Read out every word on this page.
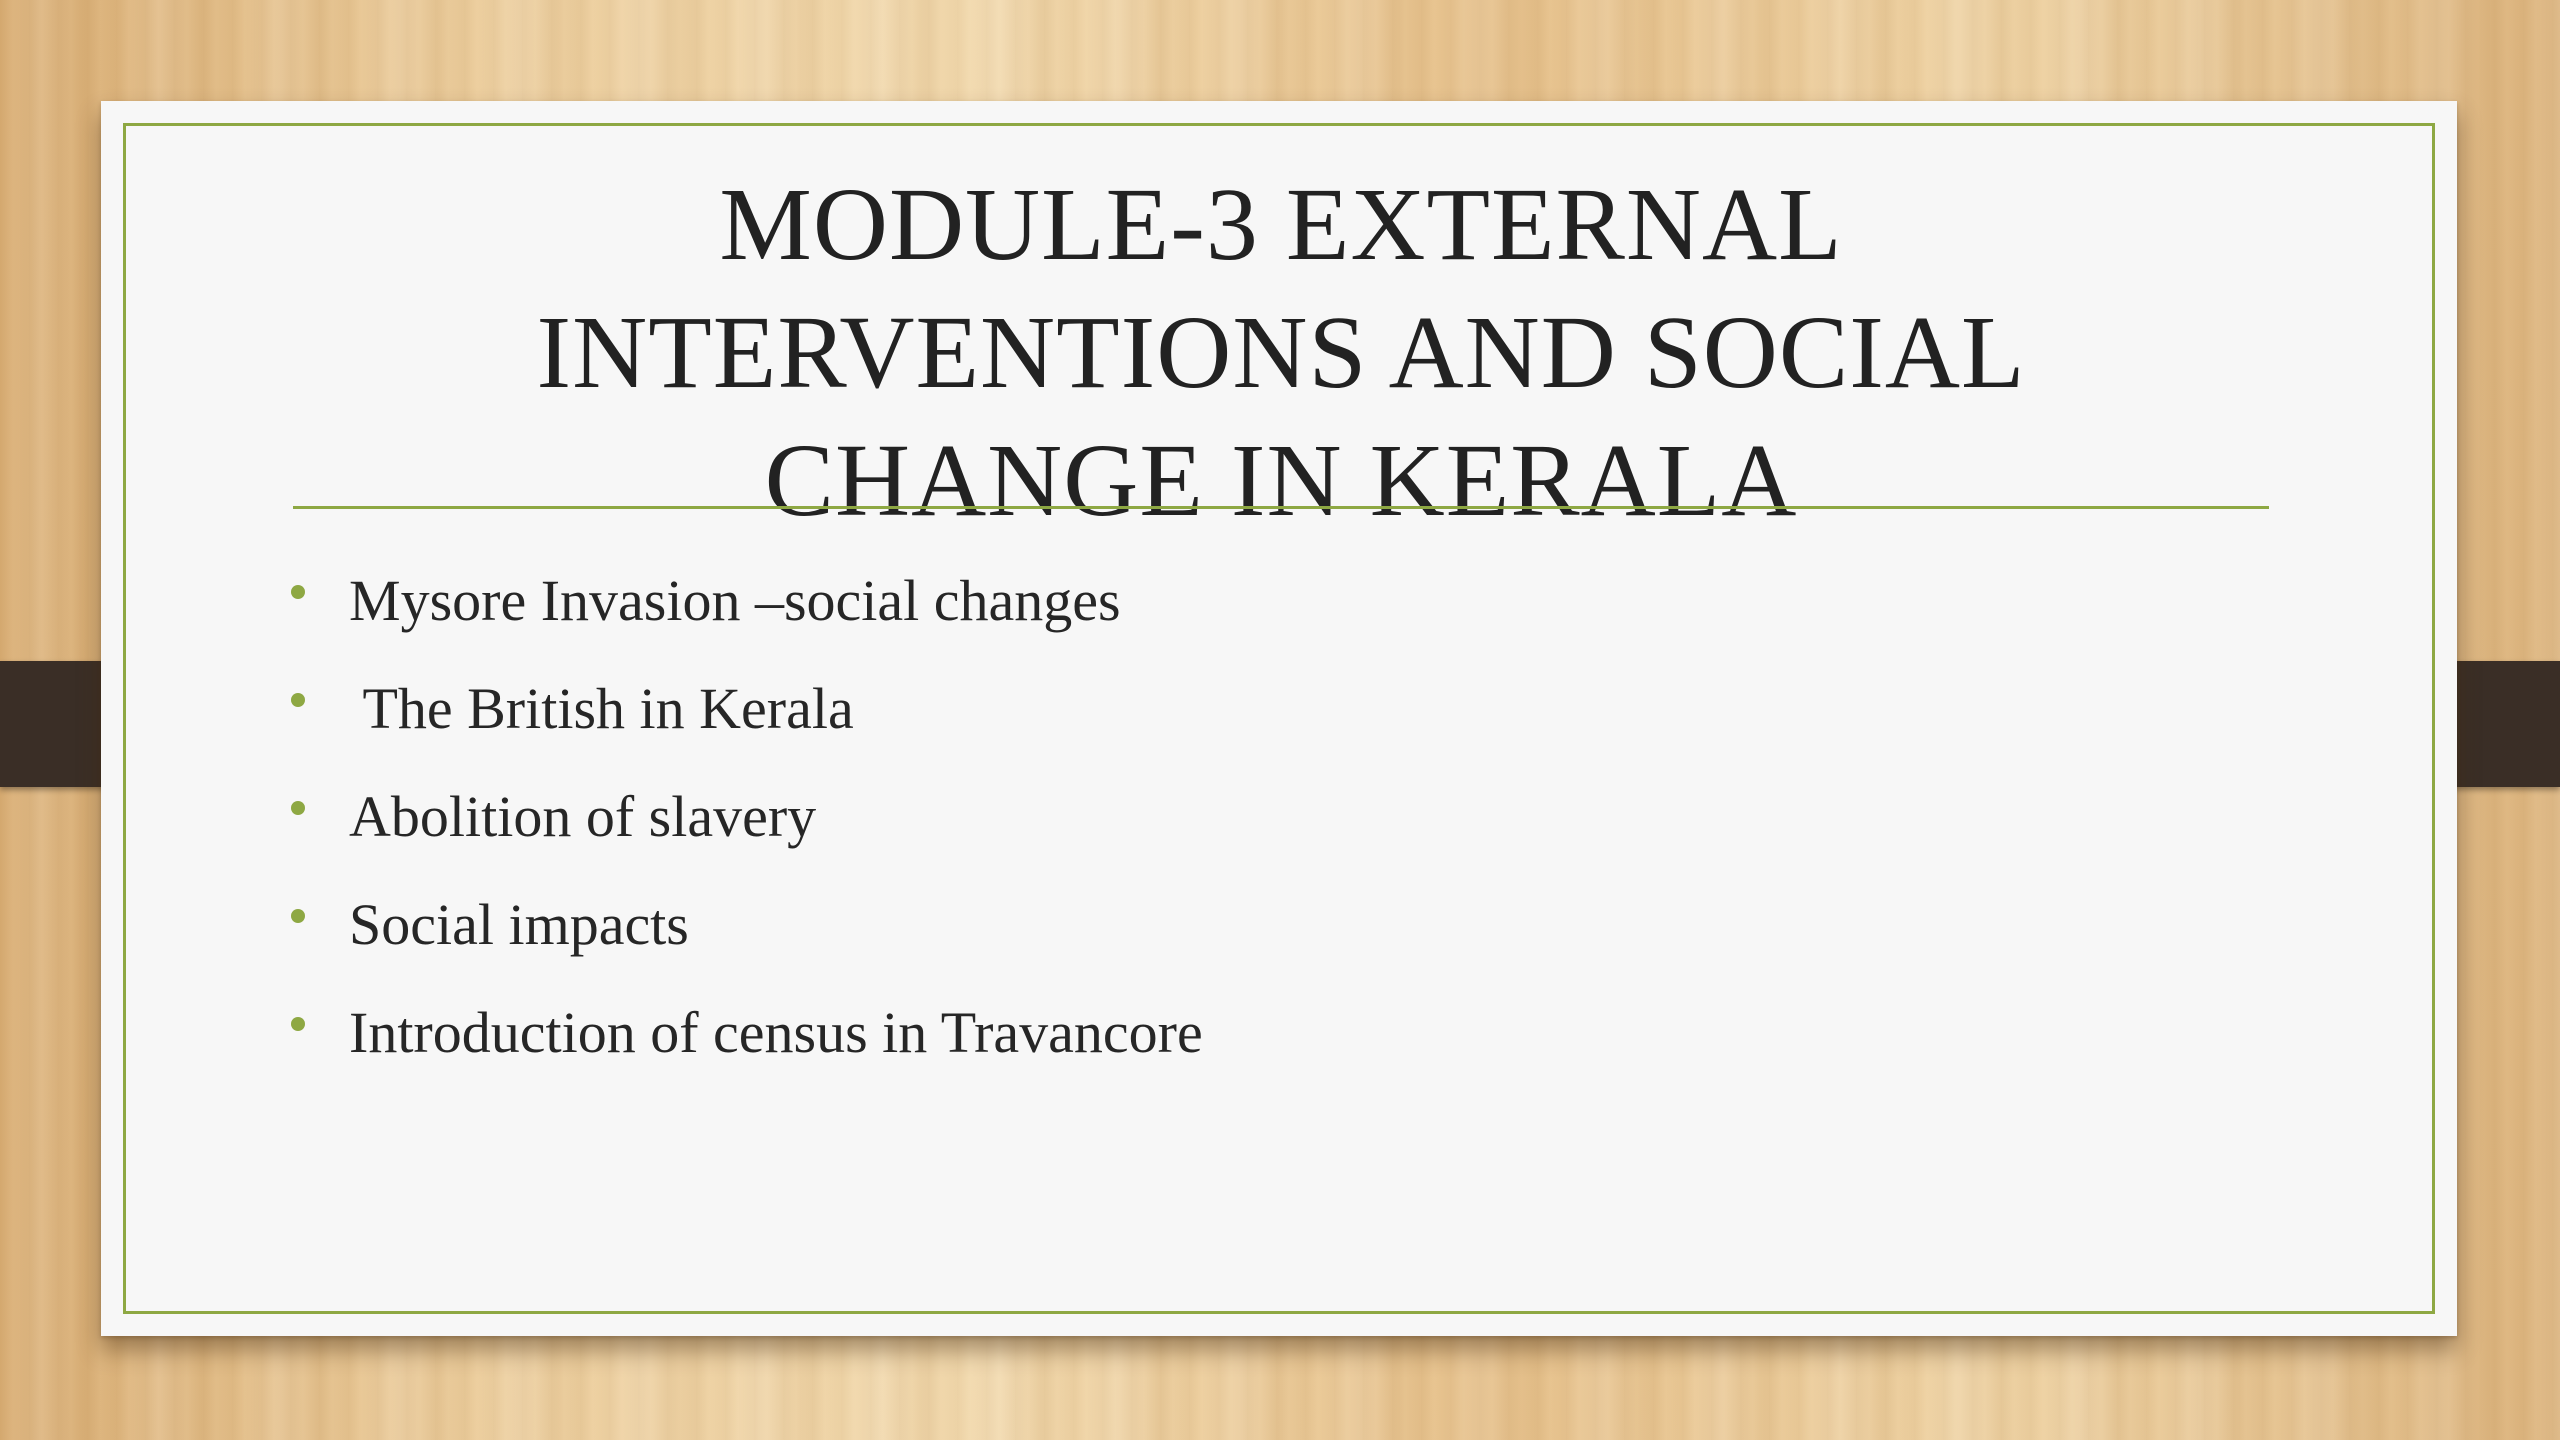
MODULE-3 EXTERNAL
INTERVENTIONS AND SOCIAL
CHANGE IN KERALA
Mysore Invasion –social changes
The British in Kerala
Abolition of slavery
Social impacts
Introduction of census in Travancore
